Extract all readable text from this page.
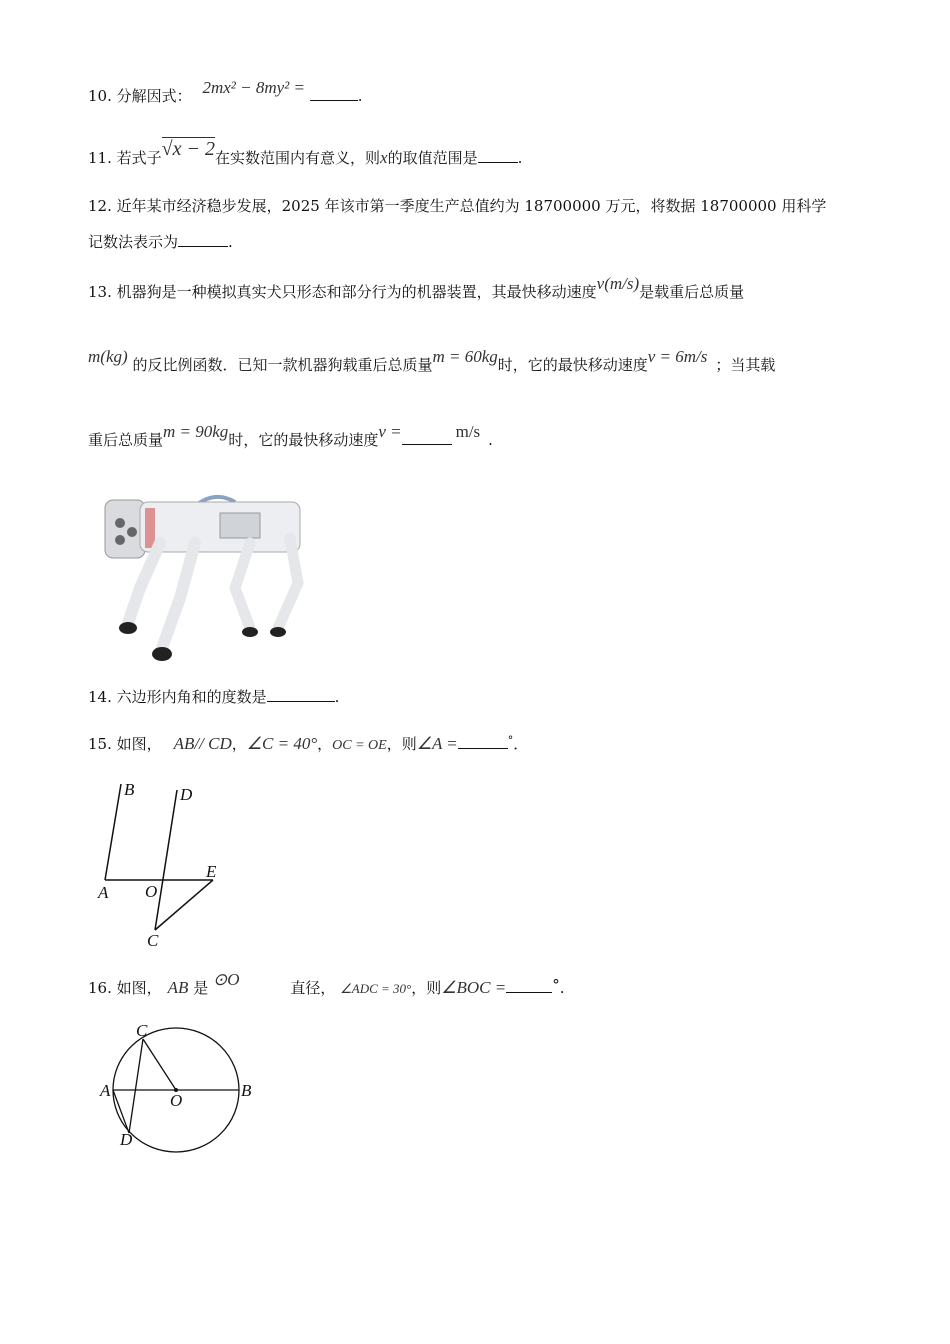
10. 分解因式： 2mx² − 8my² =	.
11. 若式子√x − 2在实数范围内有意义，则x的取值范围是	.
12. 近年某市经济稳步发展，2025 年该市第一季度生产总值约为 18700000 万元，将数据 18700000 用科学
记数法表示为	.
13. 机器狗是一种模拟真实犬只形态和部分行为的机器装置，其最快移动速度v(m/s)是载重后总质量
m(kg) 的反比例函数．已知一款机器狗载重后总质量m = 60kg时，它的最快移动速度v = 6m/s ；当其载
重后总质量m = 90kg时，它的最快移动速度v =	m/s .
14. 六边形内角和的度数是	.
15. 如图， AB// CD，∠C = 40°，OC = OE，则∠A =	°．
B	D
A O
E
C
16. 如图， AB 是 ⊙O	直径， ∠ADC = 30°，则∠BOC =	°.
C
A	B
O
D
